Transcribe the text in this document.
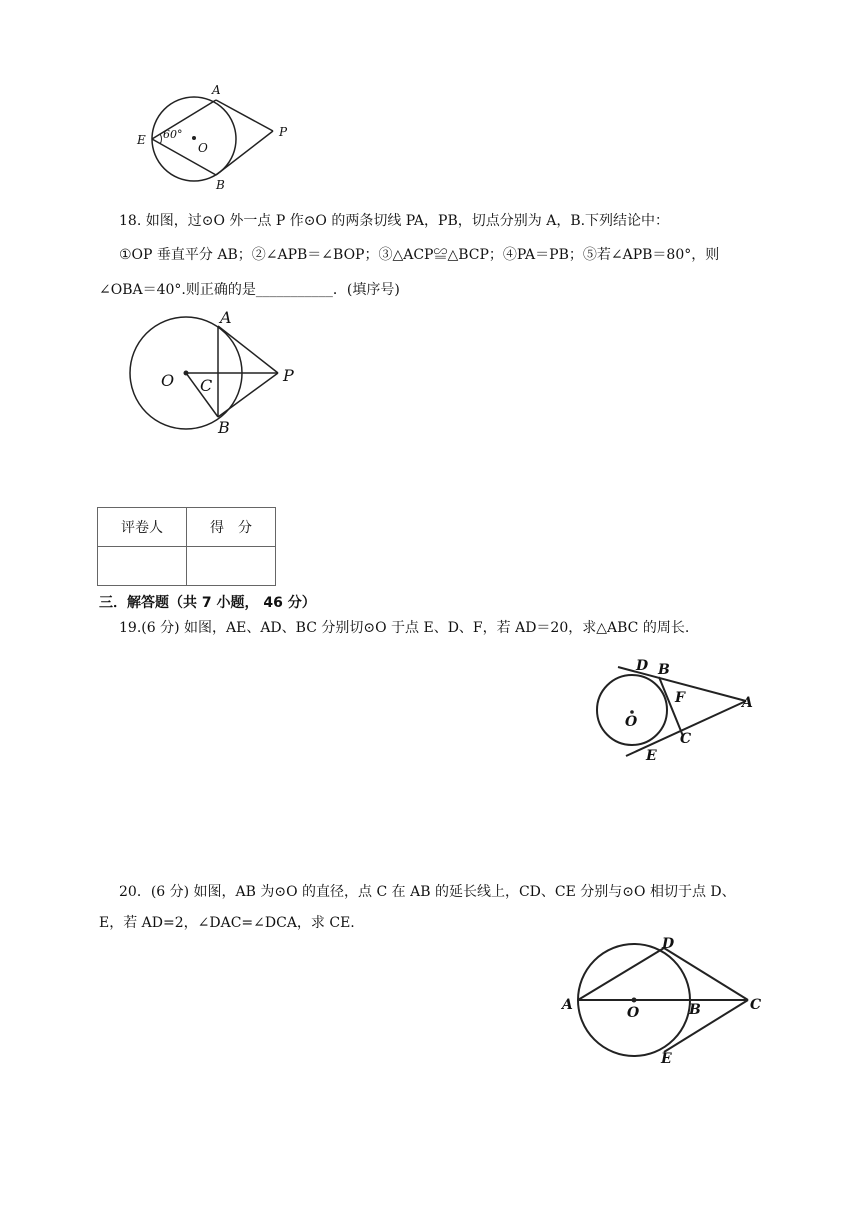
A
E 60°
O
P
B
18. 如图，过⊙O 外一点 P 作⊙O 的两条切线 PA，PB，切点分别为 A，B.下列结论中：
①OP 垂直平分 AB；②∠APB＝∠BOP；③△ACP≌△BCP；④PA＝PB；⑤若∠APB＝80°，则
∠OBA＝40°.则正确的是___________．(填序号)
A
O C
P
B
评卷人	得　分

三．解答题（共 7 小题， 46 分）
19.(6 分) 如图，AE、AD、BC 分别切⊙O 于点 E、D、F，若 AD＝20，求△ABC 的周长.
D B
F	A
O
C
E
20．(6 分) 如图，AB 为⊙O 的直径，点 C 在 AB 的延长线上，CD、CE 分别与⊙O 相切于点 D、
E，若 AD=2，∠DAC=∠DCA，求 CE.
D
A	O	B	C
E
